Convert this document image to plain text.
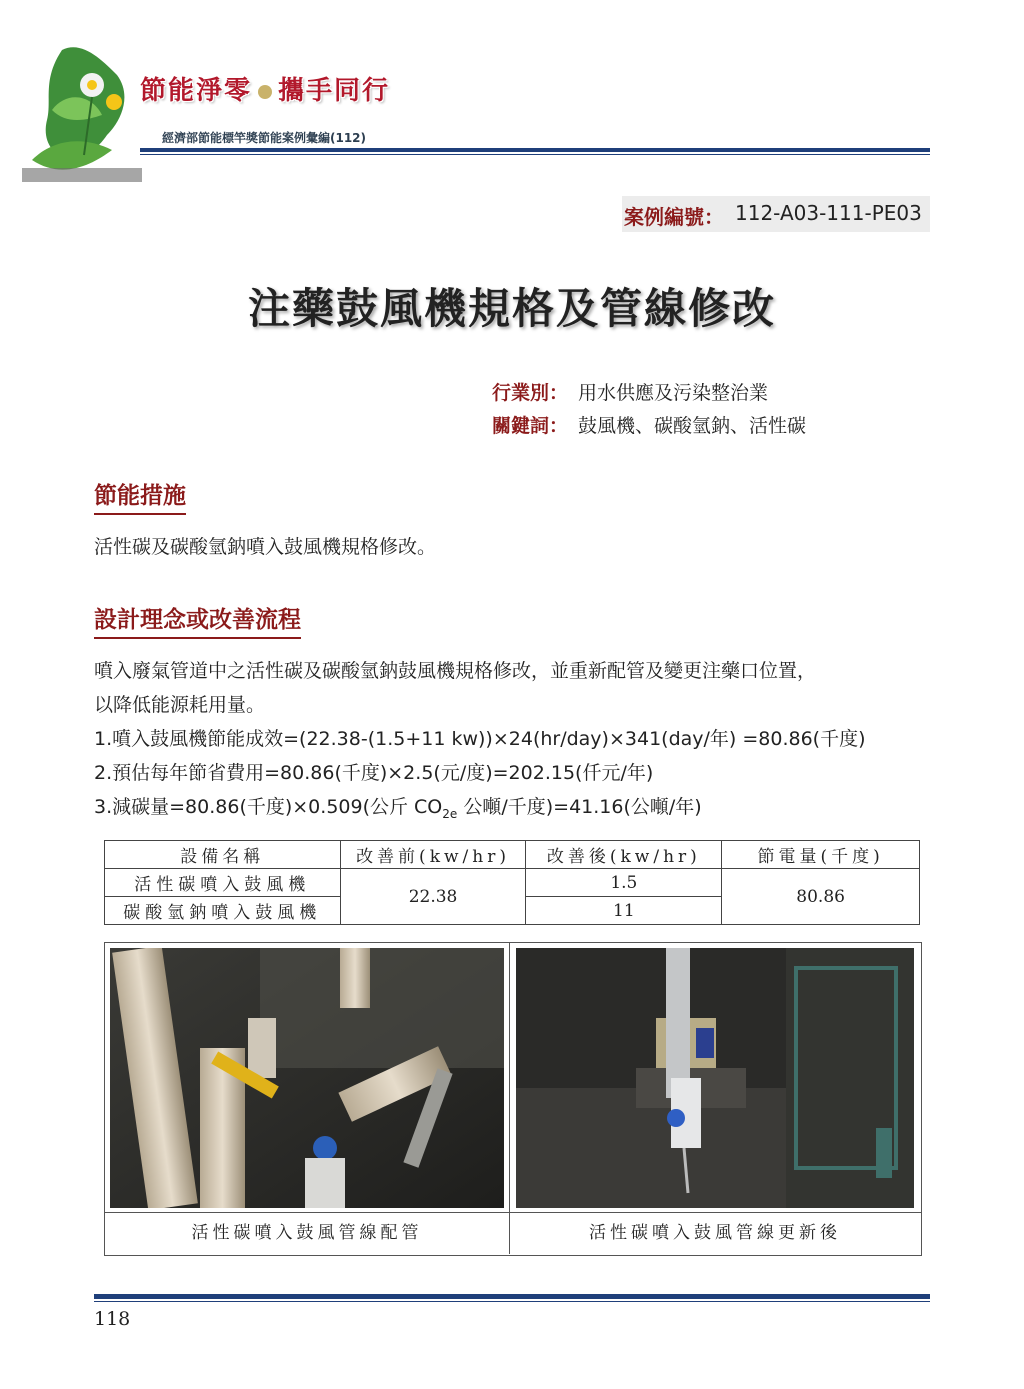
節能淨零 攜手同行
經濟部節能標竿獎節能案例彙編(112)
案例編號： 112-A03-111-PE03
注藥鼓風機規格及管線修改
行業別： 用水供應及污染整治業
關鍵詞： 鼓風機、碳酸氫鈉、活性碳
節能措施
活性碳及碳酸氫鈉噴入鼓風機規格修改。
設計理念或改善流程
噴入廢氣管道中之活性碳及碳酸氫鈉鼓風機規格修改，並重新配管及變更注藥口位置，
以降低能源耗用量。
1.噴入鼓風機節能成效=(22.38-(1.5+11 kw))×24(hr/day)×341(day/年) =80.86(千度)
2.預估每年節省費用=80.86(千度)×2.5(元/度)=202.15(仟元/年)
3.減碳量=80.86(千度)×0.509(公斤 $CO_{2e}$ 公噸/千度)=41.16(公噸/年)
設備名稱	改善前(kw/hr)	改善後(kw/hr)	節電量(千度)
活性碳噴入鼓風機	22.38	1.5	80.86
碳酸氫鈉噴入鼓風機		11	
活性碳噴入鼓風管線配管	活性碳噴入鼓風管線更新後
118
